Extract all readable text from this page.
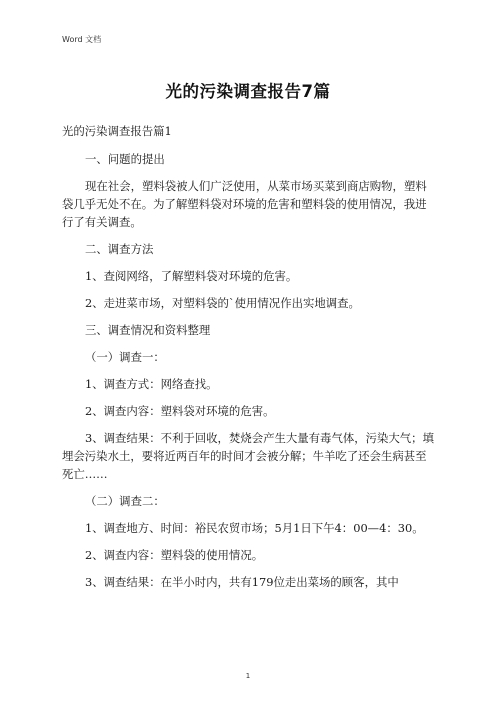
Word 文档
光的污染调查报告7篇

光的污染调查报告篇1

一、问题的提出

现在社会，塑料袋被人们广泛使用，从菜市场买菜到商店购物，塑料袋几乎无处不在。为了解塑料袋对环境的危害和塑料袋的使用情况，我进行了有关调查。

二、调查方法

1、查阅网络，了解塑料袋对环境的危害。

2、走进菜市场，对塑料袋的`使用情况作出实地调查。

三、调查情况和资料整理

（一）调查一：

1、调查方式：网络查找。

2、调查内容：塑料袋对环境的危害。

3、调查结果：不利于回收，焚烧会产生大量有毒气体，污染大气；填埋会污染水土，要将近两百年的时间才会被分解；牛羊吃了还会生病甚至死亡……

（二）调查二：

1、调查地方、时间：裕民农贸市场；5月1日下午4：00—4：30。

2、调查内容：塑料袋的使用情况。

3、调查结果：在半小时内，共有179位走出菜场的顾客，其中

1
